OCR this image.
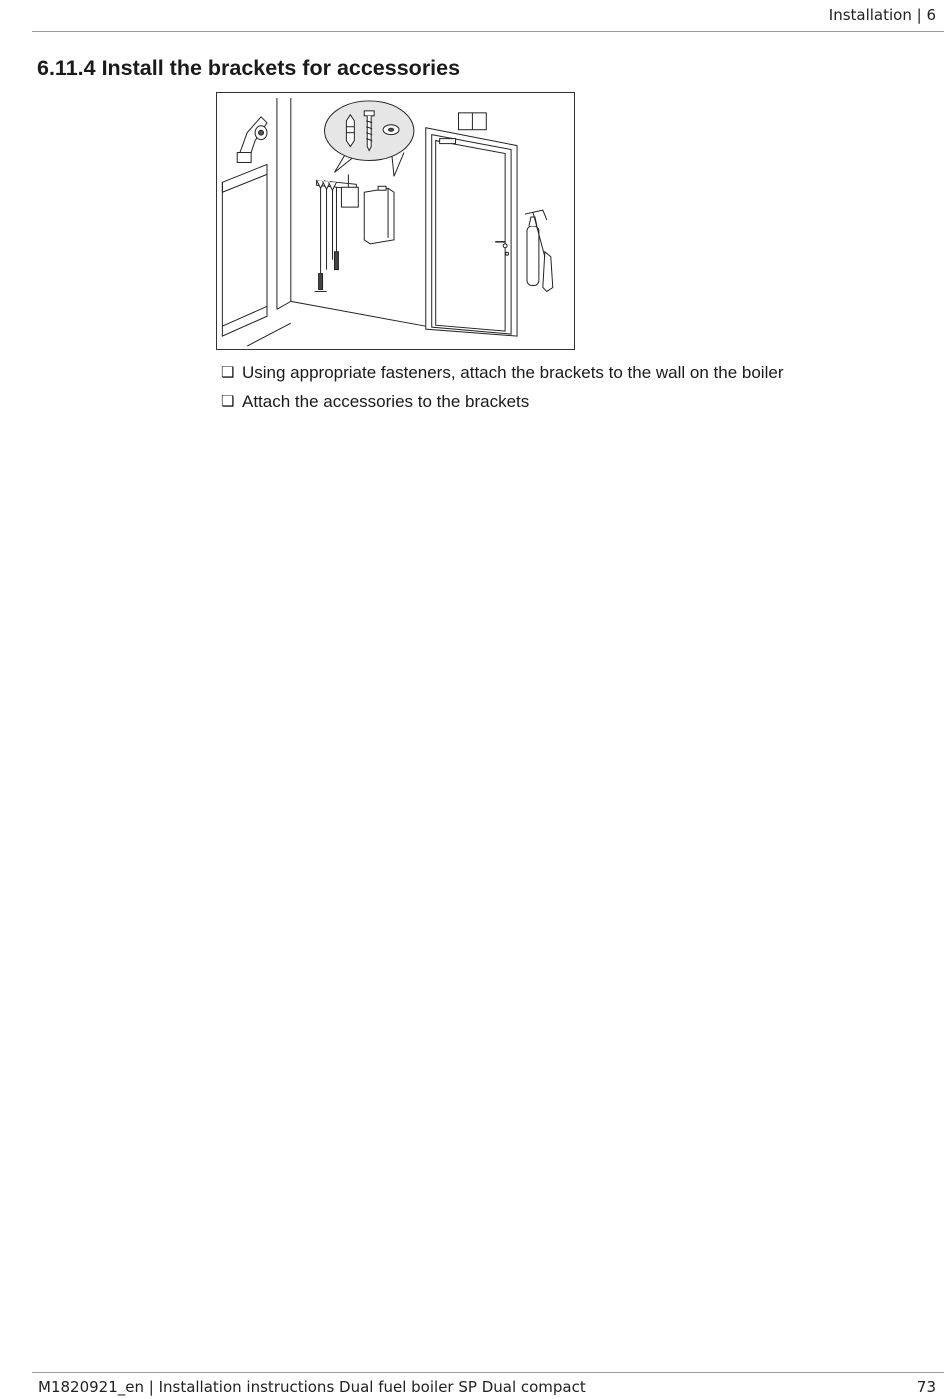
Installation | 6
6.11.4 Install the brackets for accessories
❏ Using appropriate fasteners, attach the brackets to the wall on the boiler
❏ Attach the accessories to the brackets
M1820921_en | Installation instructions Dual fuel boiler SP Dual compact	73
